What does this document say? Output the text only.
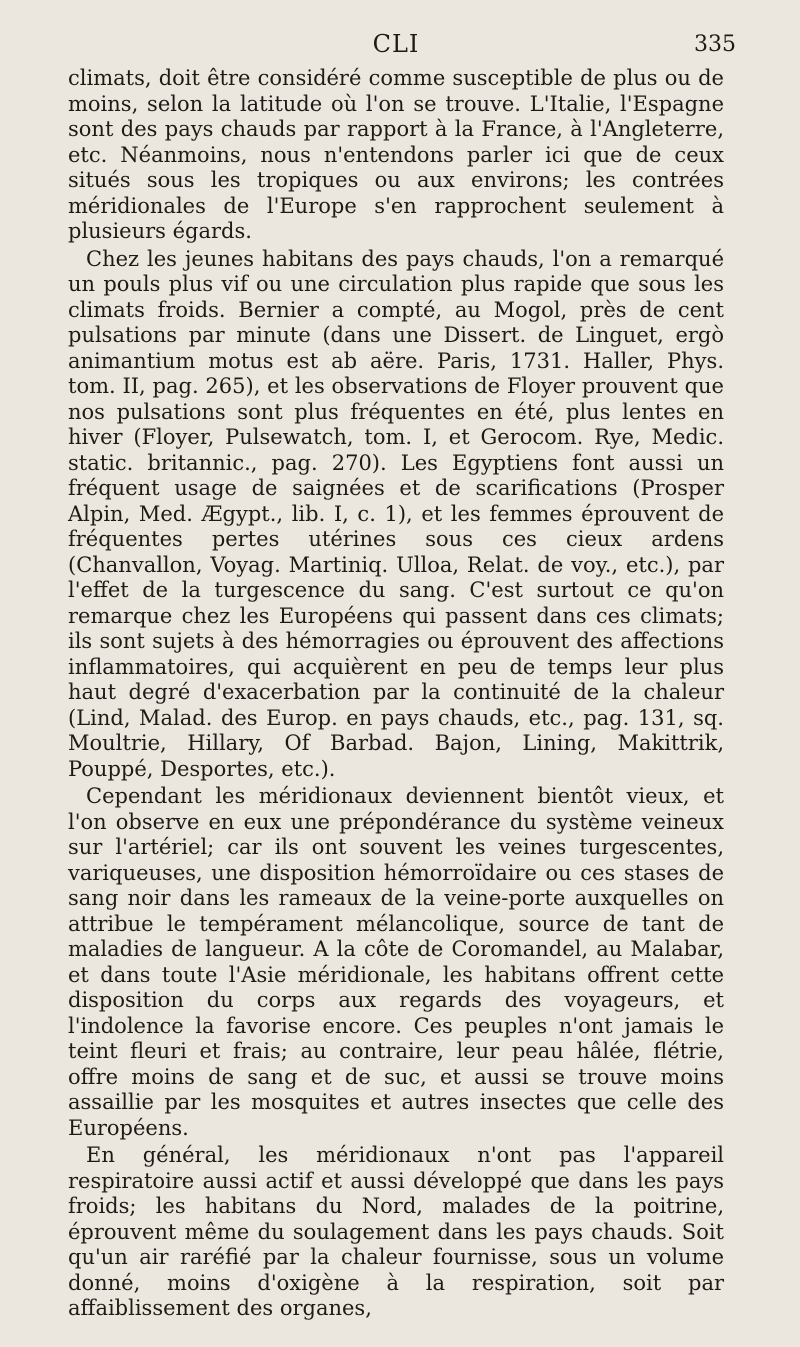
CLI	335

climats, doit être considéré comme susceptible de plus ou de moins, selon la latitude où l'on se trouve. L'Italie, l'Espagne sont des pays chauds par rapport à la France, à l'Angleterre, etc. Néanmoins, nous n'entendons parler ici que de ceux situés sous les tropiques ou aux environs; les contrées méridionales de l'Europe s'en rapprochent seulement à plusieurs égards.

Chez les jeunes habitans des pays chauds, l'on a remarqué un pouls plus vif ou une circulation plus rapide que sous les climats froids. Bernier a compté, au Mogol, près de cent pulsations par minute (dans une Dissert. de Linguet, ergò animantium motus est ab aëre. Paris, 1731. Haller, Phys. tom. II, pag. 265), et les observations de Floyer prouvent que nos pulsations sont plus fréquentes en été, plus lentes en hiver (Floyer, Pulsewatch, tom. I, et Gerocom. Rye, Medic. static. britannic., pag. 270). Les Egyptiens font aussi un fréquent usage de saignées et de scarifications (Prosper Alpin, Med. Ægypt., lib. I, c. 1), et les femmes éprouvent de fréquentes pertes utérines sous ces cieux ardens (Chanvallon, Voyag. Martiniq. Ulloa, Relat. de voy., etc.), par l'effet de la turgescence du sang. C'est surtout ce qu'on remarque chez les Européens qui passent dans ces climats; ils sont sujets à des hémorragies ou éprouvent des affections inflammatoires, qui acquièrent en peu de temps leur plus haut degré d'exacerbation par la continuité de la chaleur (Lind, Malad. des Europ. en pays chauds, etc., pag. 131, sq. Moultrie, Hillary, Of Barbad. Bajon, Lining, Makittrik, Pouppé, Desportes, etc.).

Cependant les méridionaux deviennent bientôt vieux, et l'on observe en eux une prépondérance du système veineux sur l'artériel; car ils ont souvent les veines turgescentes, variqueuses, une disposition hémorroïdaire ou ces stases de sang noir dans les rameaux de la veine-porte auxquelles on attribue le tempérament mélancolique, source de tant de maladies de langueur. A la côte de Coromandel, au Malabar, et dans toute l'Asie méridionale, les habitans offrent cette disposition du corps aux regards des voyageurs, et l'indolence la favorise encore. Ces peuples n'ont jamais le teint fleuri et frais; au contraire, leur peau hâlée, flétrie, offre moins de sang et de suc, et aussi se trouve moins assaillie par les mosquites et autres insectes que celle des Européens.

En général, les méridionaux n'ont pas l'appareil respiratoire aussi actif et aussi développé que dans les pays froids; les habitans du Nord, malades de la poitrine, éprouvent même du soulagement dans les pays chauds. Soit qu'un air raréfié par la chaleur fournisse, sous un volume donné, moins d'oxigène à la respiration, soit par affaiblissement des organes,
